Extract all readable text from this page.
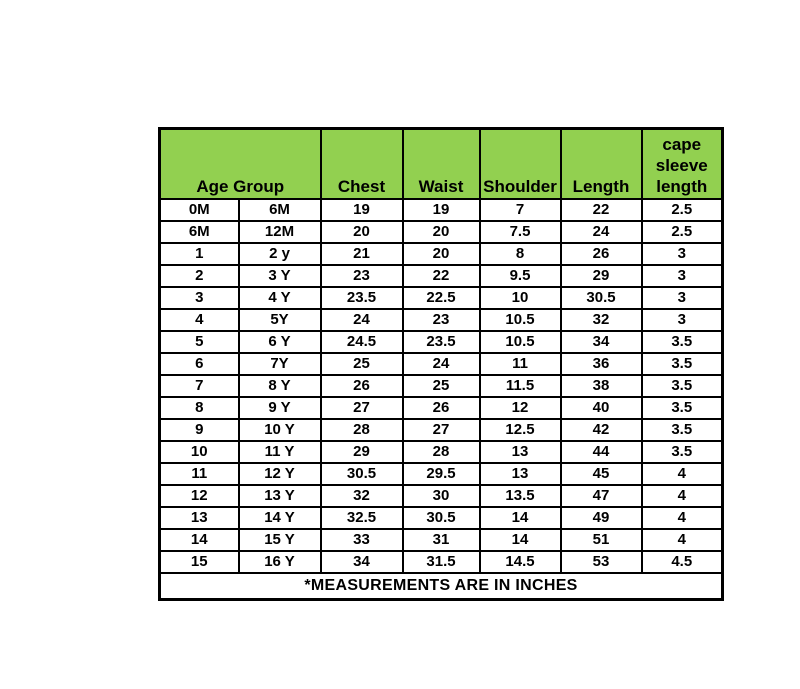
Age Group		Chest	Waist	Shoulder	Length	cape
sleeve
length

0M	6M	19	19	7	22	2.5
6M	12M	20	20	7.5	24	2.5
1	2 y	21	20	8	26	3
2	3 Y	23	22	9.5	29	3
3	4 Y	23.5	22.5	10	30.5	3
4	5Y	24	23	10.5	32	3
5	6 Y	24.5	23.5	10.5	34	3.5
6	7Y	25	24	11	36	3.5
7	8 Y	26	25	11.5	38	3.5
8	9 Y	27	26	12	40	3.5
9	10 Y	28	27	12.5	42	3.5
10	11 Y	29	28	13	44	3.5
11	12 Y	30.5	29.5	13	45	4
12	13 Y	32	30	13.5	47	4
13	14 Y	32.5	30.5	14	49	4
14	15 Y	33	31	14	51	4
15	16 Y	34	31.5	14.5	53	4.5
*MEASUREMENTS ARE IN INCHES						
